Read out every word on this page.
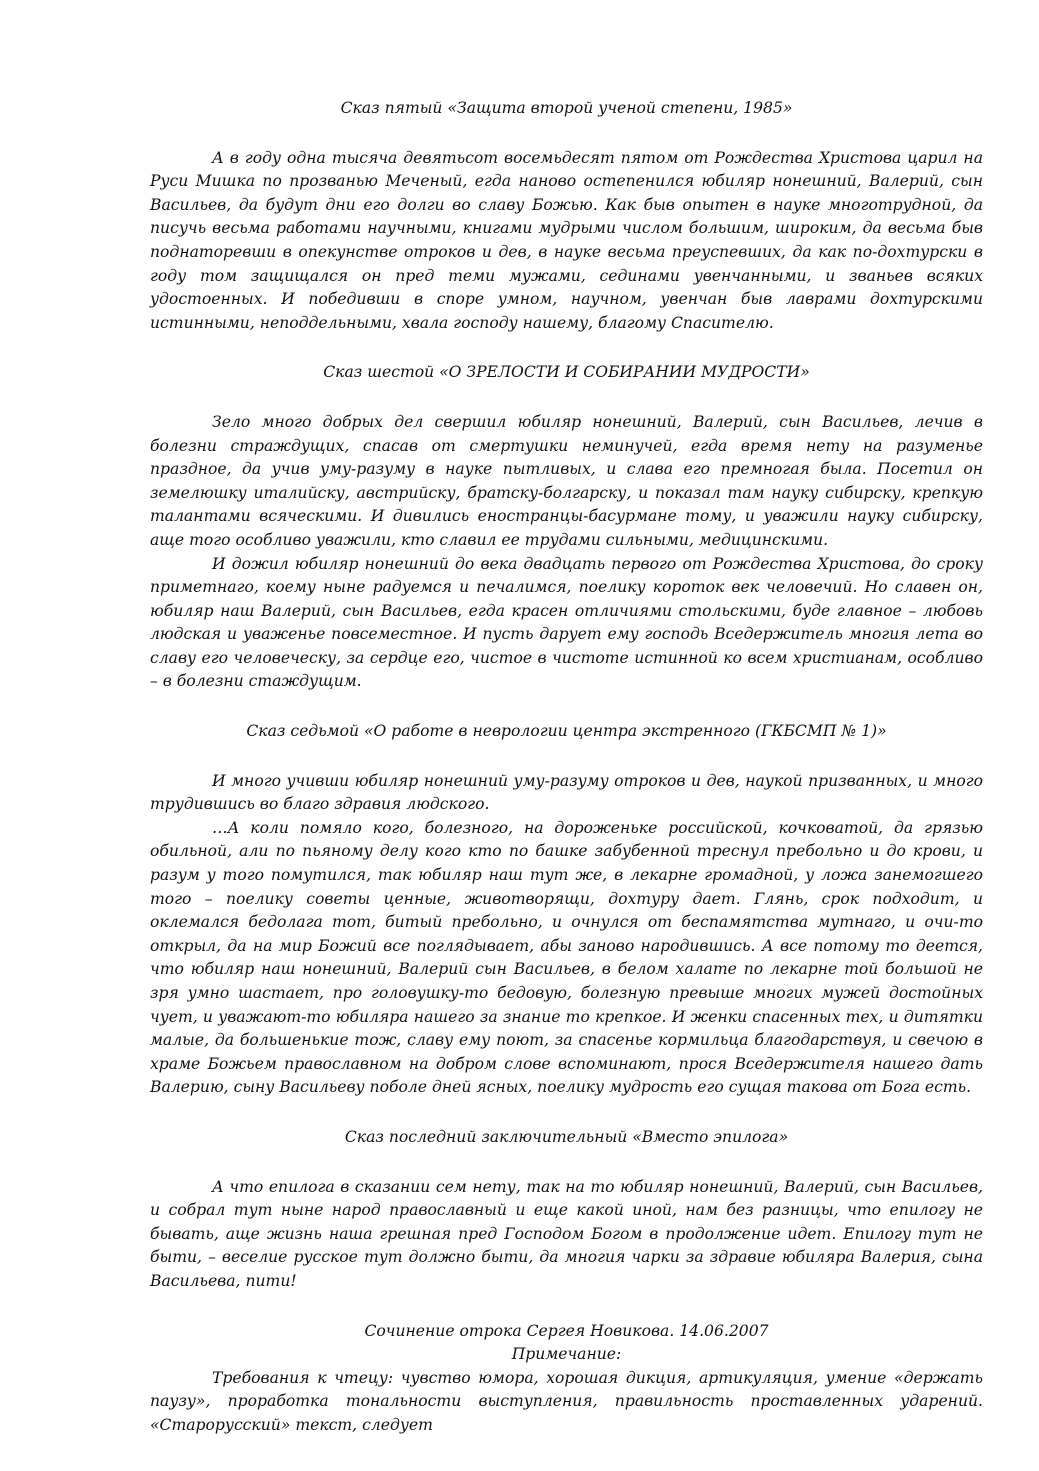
Сказ пятый «Защита второй ученой степени, 1985»

А в году одна тысяча девятьсот восемьдесят пятом от Рождества Христова царил на Руси Мишка по прозванью Меченый, егда наново остепенился юбиляр нонешний, Валерий, сын Васильев, да будут дни его долги во славу Божью. Как быв опытен в науке многотрудной, да писучь весьма работами научными, книгами мудрыми числом большим, широким, да весьма быв поднаторевши в опекунстве отроков и дев, в науке весьма преуспевших, да как по-дохтурски в году том защищался он пред теми мужами, сединами увенчанными, и званьев всяких удостоенных. И победивши в споре умном, научном, увенчан быв лаврами дохтурскими истинными, неподдельными, хвала господу нашему, благому Спасителю.

Сказ шестой «О ЗРЕЛОСТИ И СОБИРАНИИ МУДРОСТИ»

Зело много добрых дел свершил юбиляр нонешний, Валерий, сын Васильев, лечив в болезни страждущих, спасав от смертушки неминучей, егда время нету на разуменье праздное, да учив уму-разуму в науке пытливых, и слава его премногая была. Посетил он земелюшку италийску, австрийску, братску-болгарску, и показал там науку сибирску, крепкую талантами всяческими. И дивились еностранцы-басурмане тому, и уважили науку сибирску, аще того особливо уважили, кто славил ее трудами сильными, медицинскими.

И дожил юбиляр нонешний до века двадцать первого от Рождества Христова, до сроку приметнаго, коему ныне радуемся и печалимся, поелику короток век человечий. Но славен он, юбиляр наш Валерий, сын Васильев, егда красен отличиями стольскими, буде главное – любовь людская и уваженье повсеместное. И пусть дарует ему господь Вседержитель многия лета во славу его человеческу, за сердце его, чистое в чистоте истинной ко всем христианам, особливо – в болезни стаждущим.

Сказ седьмой «О работе в неврологии центра экстренного (ГКБСМП № 1)»

И много учивши юбиляр нонешний уму-разуму отроков и дев, наукой призванных, и много трудившись во благо здравия людского.

…А коли помяло кого, болезного, на дороженьке российской, кочковатой, да грязью обильной, али по пьяному делу кого кто по башке забубенной треснул пребольно и до крови, и разум у того помутился, так юбиляр наш тут же, в лекарне громадной, у ложа занемогшего того – поелику советы ценные, животворящи, дохтуру дает. Глянь, срок подходит, и оклемался бедолага тот, битый пребольно, и очнулся от беспамятства мутнаго, и очи-то открыл, да на мир Божий все поглядывает, абы заново народившись. А все потому то деется, что юбиляр наш нонешний, Валерий сын Васильев, в белом халате по лекарне той большой не зря умно шастает, про головушку-то бедовую, болезную превыше многих мужей достойных чует, и уважают-то юбиляра нашего за знание то крепкое. И женки спасенных тех, и дитятки малые, да большенькие тож, славу ему поют, за спасенье кормильца благодарствуя, и свечою в храме Божьем православном на добром слове вспоминают, прося Вседержителя нашего дать Валерию, сыну Васильеву поболе дней ясных, поелику мудрость его сущая такова от Бога есть.

Сказ последний заключительный «Вместо эпилога»

А что епилога в сказании сем нету, так на то юбиляр нонешний, Валерий, сын Васильев, и собрал тут ныне народ православный и еще какой иной, нам без разницы, что епилогу не бывать, аще жизнь наша грешная пред Господом Богом в продолжение идет. Епилогу тут не быти, – веселие русское тут должно быти, да многия чарки за здравие юбиляра Валерия, сына Васильева, пити!

Сочинение отрока Сергея Новикова. 14.06.2007

Примечание:

Требования к чтецу: чувство юмора, хорошая дикция, артикуляция, умение «держать паузу», проработка тональности выступления, правильность проставленных ударений. «Старорусский» текст, следует
